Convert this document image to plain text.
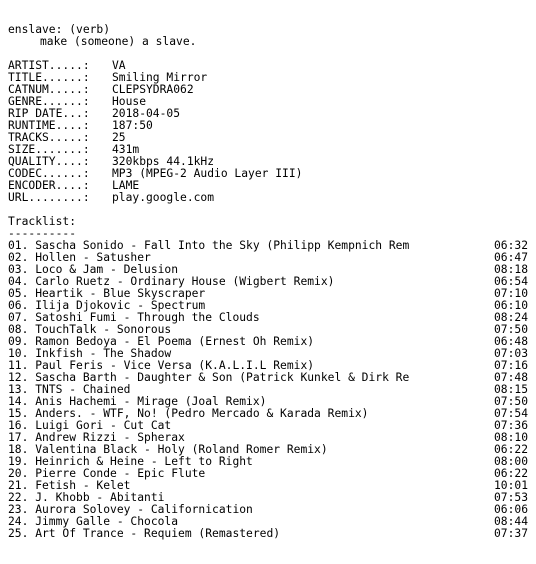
enslave: (verb)
make (someone) a slave.
ARTIST.....:	VA
TITLE......:	Smiling Mirror
CATNUM.....:	CLEPSYDRA062
GENRE......:	House
RIP DATE...:	2018-04-05
RUNTIME....:	187:50
TRACKS.....:	25
SIZE.......:	431m
QUALITY....:	320kbps 44.1kHz
CODEC......:	MP3 (MPEG-2 Audio Layer III)
ENCODER....:	LAME
URL........:	play.google.com
Tracklist:
----------
01. Sascha Sonido - Fall Into the Sky (Philipp Kempnich Rem	06:32
02. Hollen - Satusher	06:47
03. Loco & Jam - Delusion	08:18
04. Carlo Ruetz - Ordinary House (Wigbert Remix)	06:54
05. Heartik - Blue Skyscraper	07:10
06. Ilija Djokovic - Spectrum	06:10
07. Satoshi Fumi - Through the Clouds	08:24
08. TouchTalk - Sonorous	07:50
09. Ramon Bedoya - El Poema (Ernest Oh Remix)	06:48
10. Inkfish - The Shadow	07:03
11. Paul Feris - Vice Versa (K.A.L.I.L Remix)	07:16
12. Sascha Barth - Daughter & Son (Patrick Kunkel & Dirk Re	07:48
13. TNTS - Chained	08:15
14. Anis Hachemi - Mirage (Joal Remix)	07:50
15. Anders. - WTF, No! (Pedro Mercado & Karada Remix)	07:54
16. Luigi Gori - Cut Cat	07:36
17. Andrew Rizzi - Spherax	08:10
18. Valentina Black - Holy (Roland Romer Remix)	06:22
19. Heinrich & Heine - Left to Right	08:00
20. Pierre Conde - Epic Flute	06:22
21. Fetish - Kelet	10:01
22. J. Khobb - Abitanti	07:53
23. Aurora Solovey - Californication	06:06
24. Jimmy Galle - Chocola	08:44
25. Art Of Trance - Requiem (Remastered)	07:37
